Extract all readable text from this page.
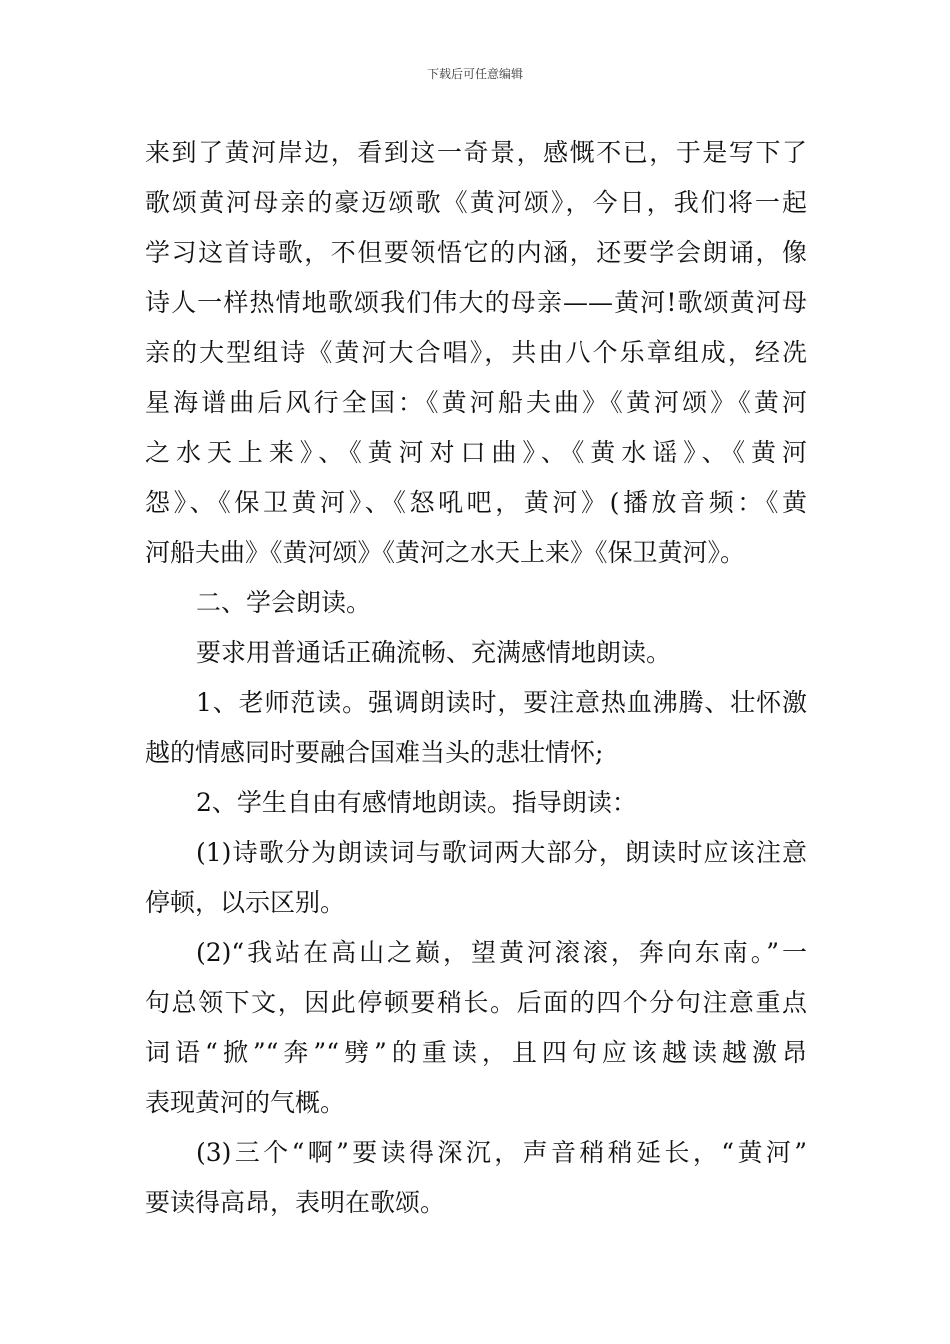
下载后可任意编辑
来到了黄河岸边，看到这一奇景，感慨不已，于是写下了
歌颂黄河母亲的豪迈颂歌《黄河颂》，今日，我们将一起
学习这首诗歌，不但要领悟它的内涵，还要学会朗诵，像
诗人一样热情地歌颂我们伟大的母亲——黄河!歌颂黄河母
亲的大型组诗《黄河大合唱》，共由八个乐章组成，经冼
星海谱曲后风行全国：《黄河船夫曲》《黄河颂》《黄河
之水天上来》、《黄河对口曲》、《黄水谣》、《黄河
怨》、《保卫黄河》、《怒吼吧，黄河》(播放音频：《黄
河船夫曲》《黄河颂》《黄河之水天上来》《保卫黄河》。
二、学会朗读。
要求用普通话正确流畅、充满感情地朗读。
1、老师范读。强调朗读时，要注意热血沸腾、壮怀激
越的情感同时要融合国难当头的悲壮情怀;
2、学生自由有感情地朗读。指导朗读：
(1)诗歌分为朗读词与歌词两大部分，朗读时应该注意
停顿，以示区别。
(2)“我站在高山之巅，望黄河滚滚，奔向东南。”一
句总领下文，因此停顿要稍长。后面的四个分句注意重点
词语“掀”“奔”“劈”的重读，且四句应该越读越激昂
表现黄河的气概。
(3)三个“啊”要读得深沉，声音稍稍延长，“黄河”
要读得高昂，表明在歌颂。
